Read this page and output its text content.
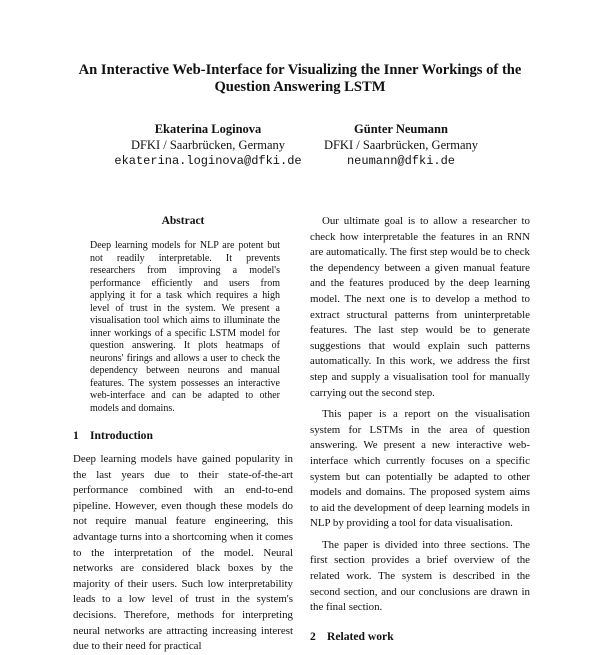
An Interactive Web-Interface for Visualizing the Inner Workings of the
Question Answering LSTM
Ekaterina Loginova
DFKI / Saarbrücken, Germany
ekaterina.loginova@dfki.de
Günter Neumann
DFKI / Saarbrücken, Germany
neumann@dfki.de
Abstract
Deep learning models for NLP are potent but not readily interpretable. It prevents researchers from improving a model's performance efficiently and users from applying it for a task which requires a high level of trust in the system. We present a visualisation tool which aims to illuminate the inner workings of a specific LSTM model for question answering. It plots heatmaps of neurons' firings and allows a user to check the dependency between neurons and manual features. The system possesses an interactive web-interface and can be adapted to other models and domains.
1 Introduction

Deep learning models have gained popularity in the last years due to their state-of-the-art performance combined with an end-to-end pipeline. However, even though these models do not require manual feature engineering, this advantage turns into a shortcoming when it comes to the interpretation of the model. Neural networks are considered black boxes by the majority of their users. Such low interpretability leads to a low level of trust in the system's decisions. Therefore, methods for interpreting neural networks are attracting increasing interest due to their need for practical

Our ultimate goal is to allow a researcher to check how interpretable the features in an RNN are automatically. The first step would be to check the dependency between a given manual feature and the features produced by the deep learning model. The next one is to develop a method to extract structural patterns from uninterpretable features. The last step would be to generate suggestions that would explain such patterns automatically. In this work, we address the first step and supply a visualisation tool for manually carrying out the second step.

This paper is a report on the visualisation system for LSTMs in the area of question answering. We present a new interactive web-interface which currently focuses on a specific system but can potentially be adapted to other models and domains. The proposed system aims to aid the development of deep learning models in NLP by providing a tool for data visualisation.

The paper is divided into three sections. The first section provides a brief overview of the related work. The system is described in the second section, and our conclusions are drawn in the final section.

2 Related work
